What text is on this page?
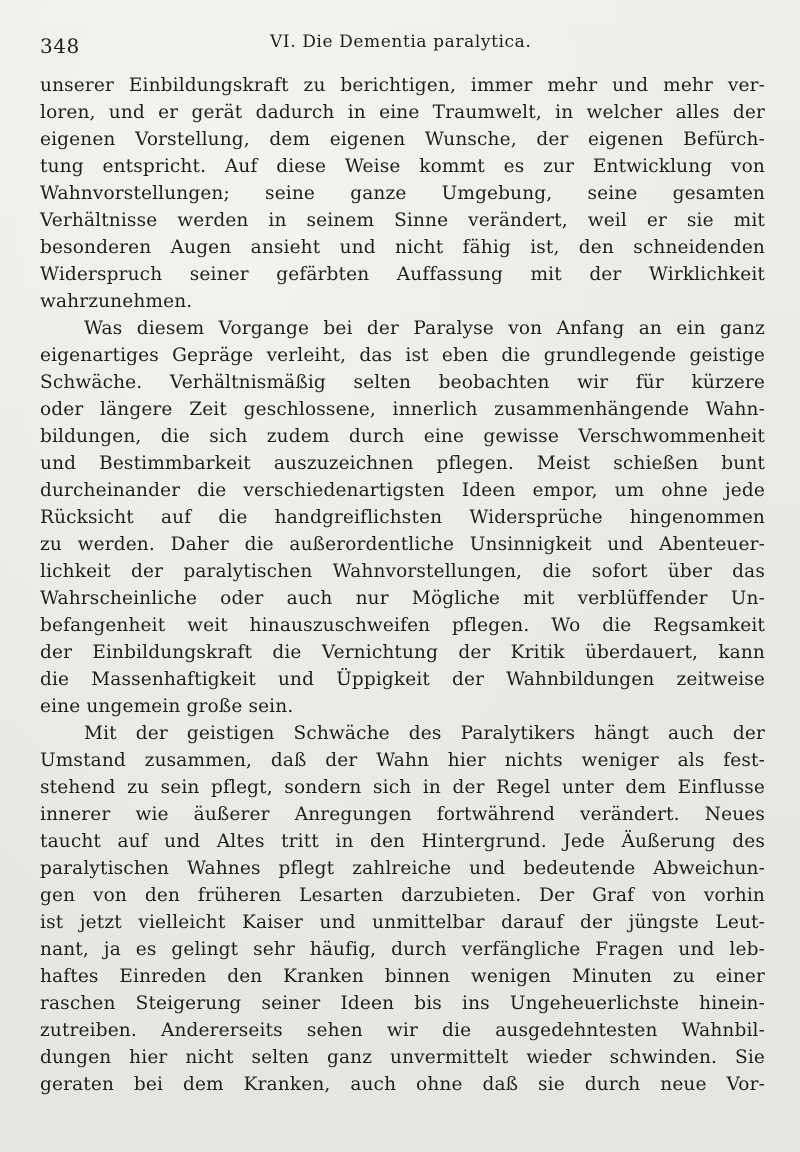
348	VI. Die Dementia paralytica.
unserer Einbildungskraft zu berichtigen, immer mehr und mehr ver-
loren, und er gerät dadurch in eine Traumwelt, in welcher alles der
eigenen Vorstellung, dem eigenen Wunsche, der eigenen Befürch-
tung entspricht. Auf diese Weise kommt es zur Entwicklung von
Wahnvorstellungen; seine ganze Umgebung, seine gesamten
Verhältnisse werden in seinem Sinne verändert, weil er sie mit
besonderen Augen ansieht und nicht fähig ist, den schneidenden
Widerspruch seiner gefärbten Auffassung mit der Wirklichkeit
wahrzunehmen.
Was diesem Vorgange bei der Paralyse von Anfang an ein ganz
eigenartiges Gepräge verleiht, das ist eben die grundlegende geistige
Schwäche. Verhältnismäßig selten beobachten wir für kürzere
oder längere Zeit geschlossene, innerlich zusammenhängende Wahn-
bildungen, die sich zudem durch eine gewisse Verschwommenheit
und Bestimmbarkeit auszuzeichnen pflegen. Meist schießen bunt
durcheinander die verschiedenartigsten Ideen empor, um ohne jede
Rücksicht auf die handgreiflichsten Widersprüche hingenommen
zu werden. Daher die außerordentliche Unsinnigkeit und Abenteuer-
lichkeit der paralytischen Wahnvorstellungen, die sofort über das
Wahrscheinliche oder auch nur Mögliche mit verblüffender Un-
befangenheit weit hinauszuschweifen pflegen. Wo die Regsamkeit
der Einbildungskraft die Vernichtung der Kritik überdauert, kann
die Massenhaftigkeit und Üppigkeit der Wahnbildungen zeitweise
eine ungemein große sein.
Mit der geistigen Schwäche des Paralytikers hängt auch der
Umstand zusammen, daß der Wahn hier nichts weniger als fest-
stehend zu sein pflegt, sondern sich in der Regel unter dem Einflusse
innerer wie äußerer Anregungen fortwährend verändert. Neues
taucht auf und Altes tritt in den Hintergrund. Jede Äußerung des
paralytischen Wahnes pflegt zahlreiche und bedeutende Abweichun-
gen von den früheren Lesarten darzubieten. Der Graf von vorhin
ist jetzt vielleicht Kaiser und unmittelbar darauf der jüngste Leut-
nant, ja es gelingt sehr häufig, durch verfängliche Fragen und leb-
haftes Einreden den Kranken binnen wenigen Minuten zu einer
raschen Steigerung seiner Ideen bis ins Ungeheuerlichste hinein-
zutreiben. Andererseits sehen wir die ausgedehntesten Wahnbil-
dungen hier nicht selten ganz unvermittelt wieder schwinden. Sie
geraten bei dem Kranken, auch ohne daß sie durch neue Vor-
